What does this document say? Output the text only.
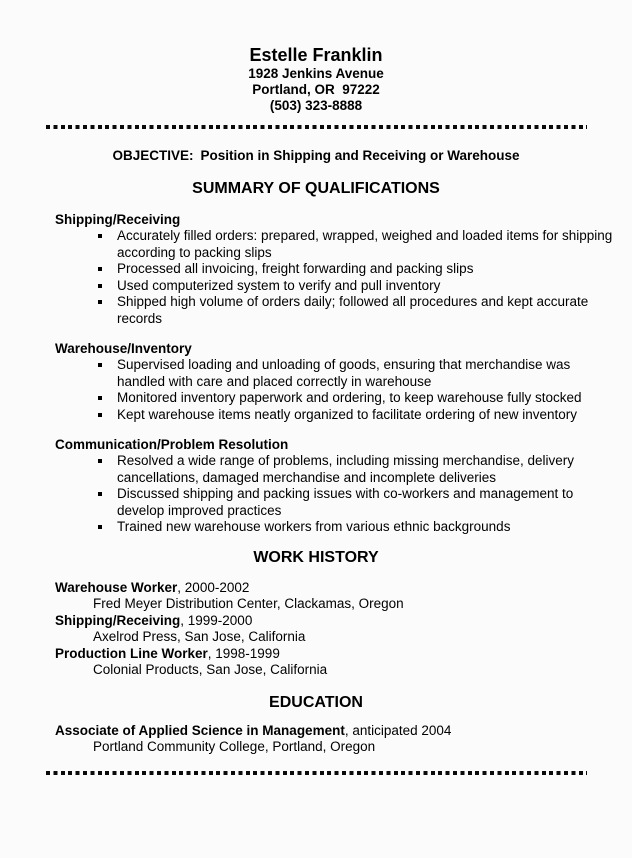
Estelle Franklin
1928 Jenkins Avenue
Portland, OR  97222
(503) 323-8888
OBJECTIVE: Position in Shipping and Receiving or Warehouse
SUMMARY OF QUALIFICATIONS
Shipping/Receiving
Accurately filled orders: prepared, wrapped, weighed and loaded items for shipping according to packing slips
Processed all invoicing, freight forwarding and packing slips
Used computerized system to verify and pull inventory
Shipped high volume of orders daily; followed all procedures and kept accurate records
Warehouse/Inventory
Supervised loading and unloading of goods, ensuring that merchandise was handled with care and placed correctly in warehouse
Monitored inventory paperwork and ordering, to keep warehouse fully stocked
Kept warehouse items neatly organized to facilitate ordering of new inventory
Communication/Problem Resolution
Resolved a wide range of problems, including missing merchandise, delivery cancellations, damaged merchandise and incomplete deliveries
Discussed shipping and packing issues with co-workers and management to develop improved practices
Trained new warehouse workers from various ethnic backgrounds
WORK HISTORY
Warehouse Worker, 2000-2002
Fred Meyer Distribution Center, Clackamas, Oregon
Shipping/Receiving, 1999-2000
Axelrod Press, San Jose, California
Production Line Worker, 1998-1999
Colonial Products, San Jose, California
EDUCATION
Associate of Applied Science in Management, anticipated 2004
Portland Community College, Portland, Oregon
